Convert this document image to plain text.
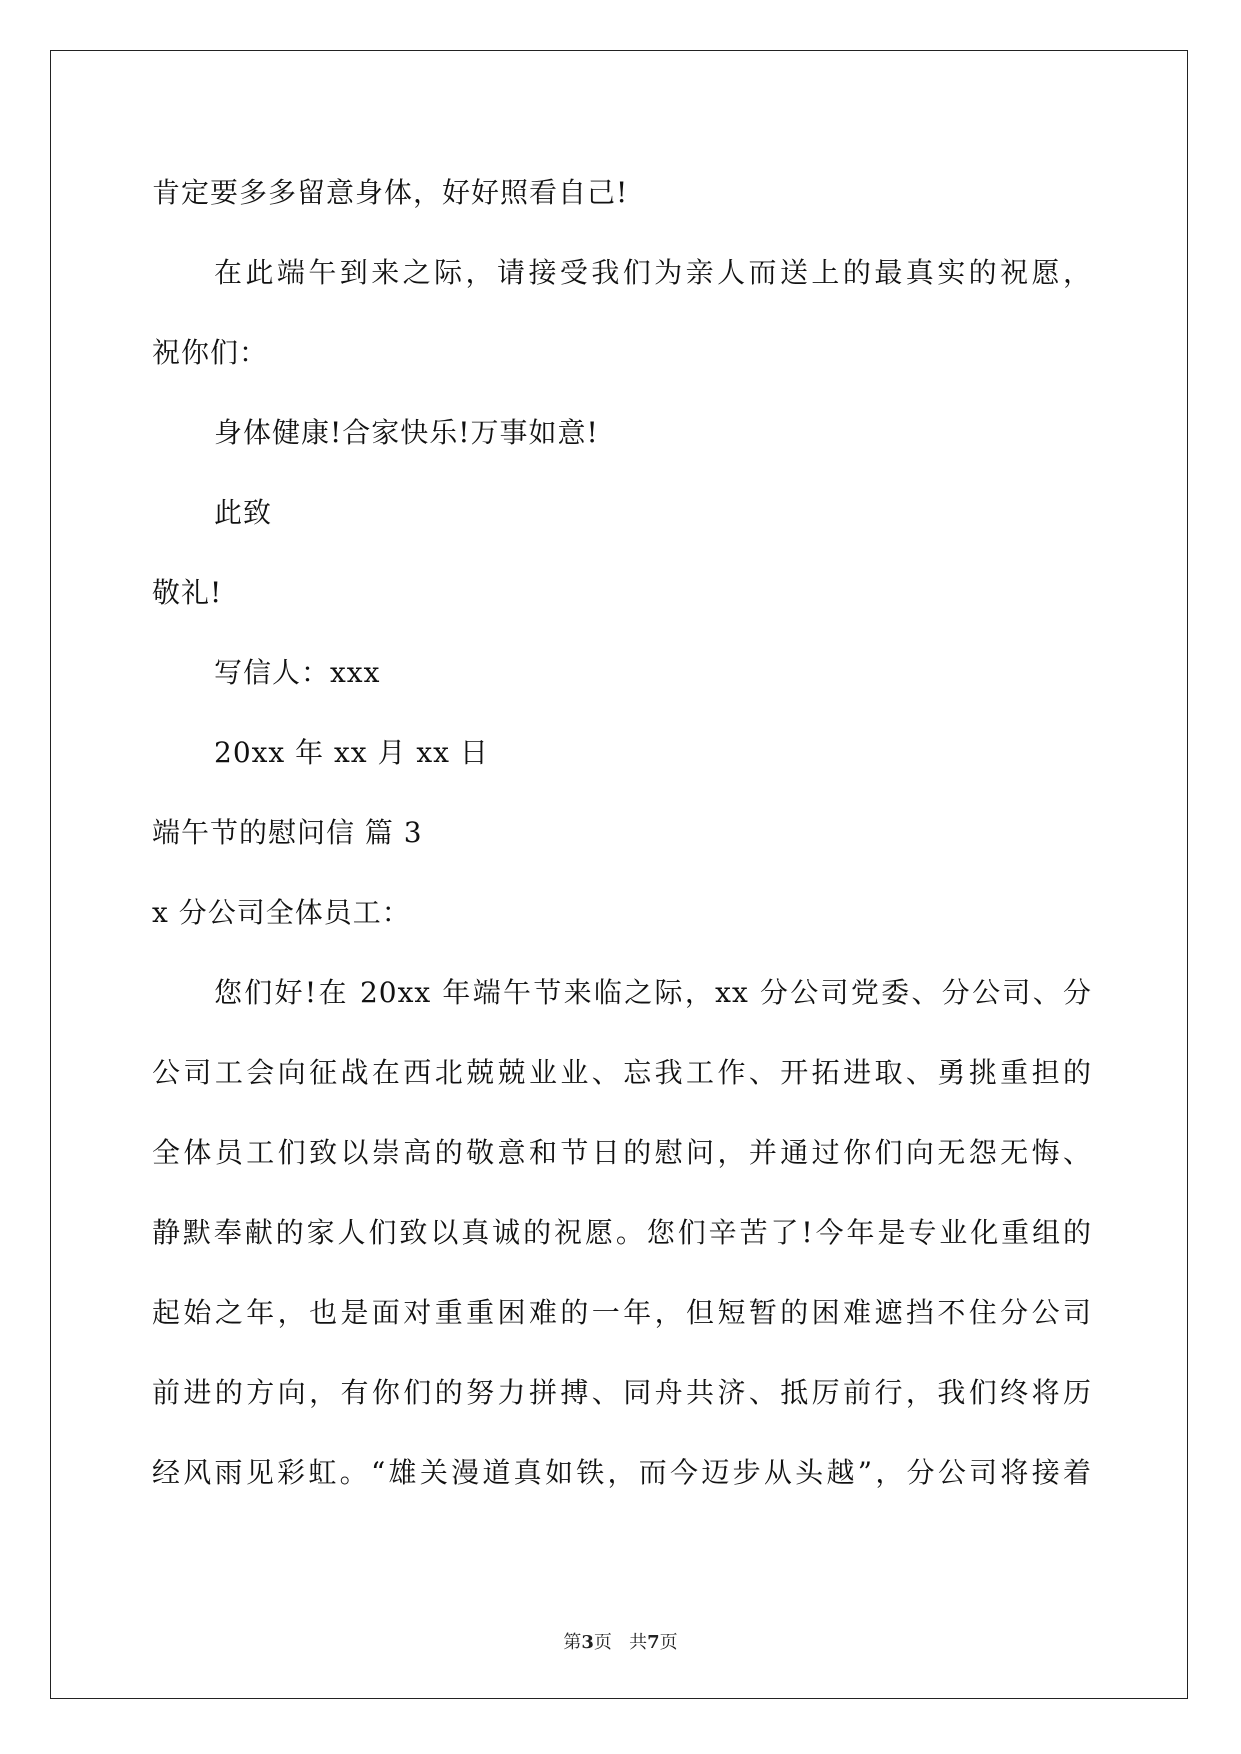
肯定要多多留意身体，好好照看自己!
在此端午到来之际，请接受我们为亲人而送上的最真实的祝愿，
祝你们：
身体健康!合家快乐!万事如意!
此致
敬礼!
写信人：xxx
20xx 年 xx 月 xx 日
端午节的慰问信 篇 3
x 分公司全体员工：
您们好!在 20xx 年端午节来临之际，xx 分公司党委、分公司、分
公司工会向征战在西北兢兢业业、忘我工作、开拓进取、勇挑重担的
全体员工们致以崇高的敬意和节日的慰问，并通过你们向无怨无悔、
静默奉献的家人们致以真诚的祝愿。您们辛苦了!今年是专业化重组的
起始之年，也是面对重重困难的一年，但短暂的困难遮挡不住分公司
前进的方向，有你们的努力拼搏、同舟共济、抵厉前行，我们终将历
经风雨见彩虹。“雄关漫道真如铁，而今迈步从头越”，分公司将接着
第3页 共7页
